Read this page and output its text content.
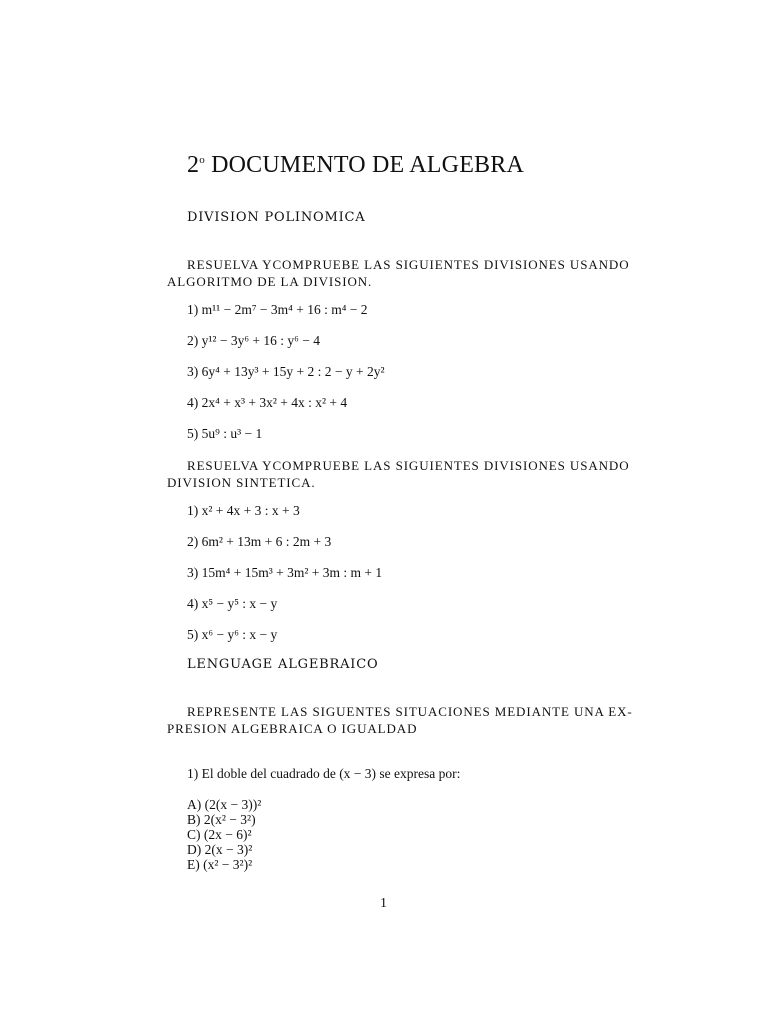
2$^o$ DOCUMENTO DE ALGEBRA
DIVISION POLINOMICA
RESUELVA YCOMPRUEBE LAS SIGUIENTES DIVISIONES USANDO
ALGORITMO DE LA DIVISION.
1) m¹¹ − 2m⁷ − 3m⁴ + 16 : m⁴ − 2
2) y¹² − 3y⁶ + 16 : y⁶ − 4
3) 6y⁴ + 13y³ + 15y + 2 : 2 − y + 2y²
4) 2x⁴ + x³ + 3x² + 4x : x² + 4
5) 5u⁹ : u³ − 1
RESUELVA YCOMPRUEBE LAS SIGUIENTES DIVISIONES USANDO
DIVISION SINTETICA.
1) x² + 4x + 3 : x + 3
2) 6m² + 13m + 6 : 2m + 3
3) 15m⁴ + 15m³ + 3m² + 3m : m + 1
4) x⁵ − y⁵ : x − y
5) x⁶ − y⁶ : x − y
LENGUAGE ALGEBRAICO
REPRESENTE LAS SIGUENTES SITUACIONES MEDIANTE UNA EX-
PRESION ALGEBRAICA O IGUALDAD
1) El doble del cuadrado de (x − 3) se expresa por:
A) (2(x − 3))²
B) 2(x² − 3²)
C) (2x − 6)²
D) 2(x − 3)²
E) (x² − 3²)²
1
